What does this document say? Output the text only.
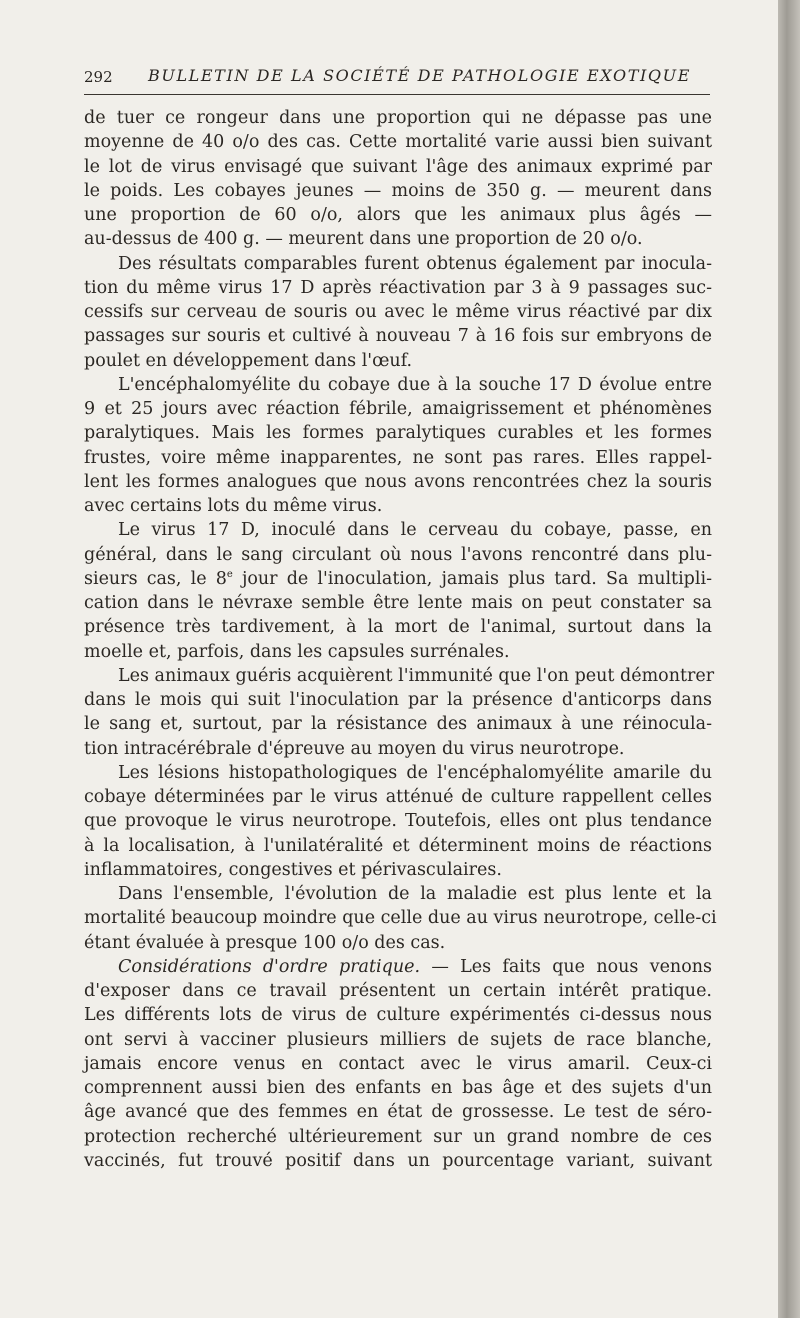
292 BULLETIN DE LA SOCIÉTÉ DE PATHOLOGIE EXOTIQUE
de tuer ce rongeur dans une proportion qui ne dépasse pas une
moyenne de 40 o/o des cas. Cette mortalité varie aussi bien suivant
le lot de virus envisagé que suivant l'âge des animaux exprimé par
le poids. Les cobayes jeunes — moins de 350 g. — meurent dans
une proportion de 60 o/o, alors que les animaux plus âgés —
au-dessus de 400 g. — meurent dans une proportion de 20 o/o.
Des résultats comparables furent obtenus également par inocula-
tion du même virus 17 D après réactivation par 3 à 9 passages suc-
cessifs sur cerveau de souris ou avec le même virus réactivé par dix
passages sur souris et cultivé à nouveau 7 à 16 fois sur embryons de
poulet en développement dans l'œuf.
L'encéphalomyélite du cobaye due à la souche 17 D évolue entre
9 et 25 jours avec réaction fébrile, amaigrissement et phénomènes
paralytiques. Mais les formes paralytiques curables et les formes
frustes, voire même inapparentes, ne sont pas rares. Elles rappel-
lent les formes analogues que nous avons rencontrées chez la souris
avec certains lots du même virus.
Le virus 17 D, inoculé dans le cerveau du cobaye, passe, en
général, dans le sang circulant où nous l'avons rencontré dans plu-
sieurs cas, le 8e jour de l'inoculation, jamais plus tard. Sa multipli-
cation dans le névraxe semble être lente mais on peut constater sa
présence très tardivement, à la mort de l'animal, surtout dans la
moelle et, parfois, dans les capsules surrénales.
Les animaux guéris acquièrent l'immunité que l'on peut démontrer
dans le mois qui suit l'inoculation par la présence d'anticorps dans
le sang et, surtout, par la résistance des animaux à une réinocula-
tion intracérébrale d'épreuve au moyen du virus neurotrope.
Les lésions histopathologiques de l'encéphalomyélite amarile du
cobaye déterminées par le virus atténué de culture rappellent celles
que provoque le virus neurotrope. Toutefois, elles ont plus tendance
à la localisation, à l'unilatéralité et déterminent moins de réactions
inflammatoires, congestives et périvasculaires.
Dans l'ensemble, l'évolution de la maladie est plus lente et la
mortalité beaucoup moindre que celle due au virus neurotrope, celle-ci
étant évaluée à presque 100 o/o des cas.
Considérations d'ordre pratique. — Les faits que nous venons
d'exposer dans ce travail présentent un certain intérêt pratique.
Les différents lots de virus de culture expérimentés ci-dessus nous
ont servi à vacciner plusieurs milliers de sujets de race blanche,
jamais encore venus en contact avec le virus amaril. Ceux-ci
comprennent aussi bien des enfants en bas âge et des sujets d'un
âge avancé que des femmes en état de grossesse. Le test de séro-
protection recherché ultérieurement sur un grand nombre de ces
vaccinés, fut trouvé positif dans un pourcentage variant, suivant
